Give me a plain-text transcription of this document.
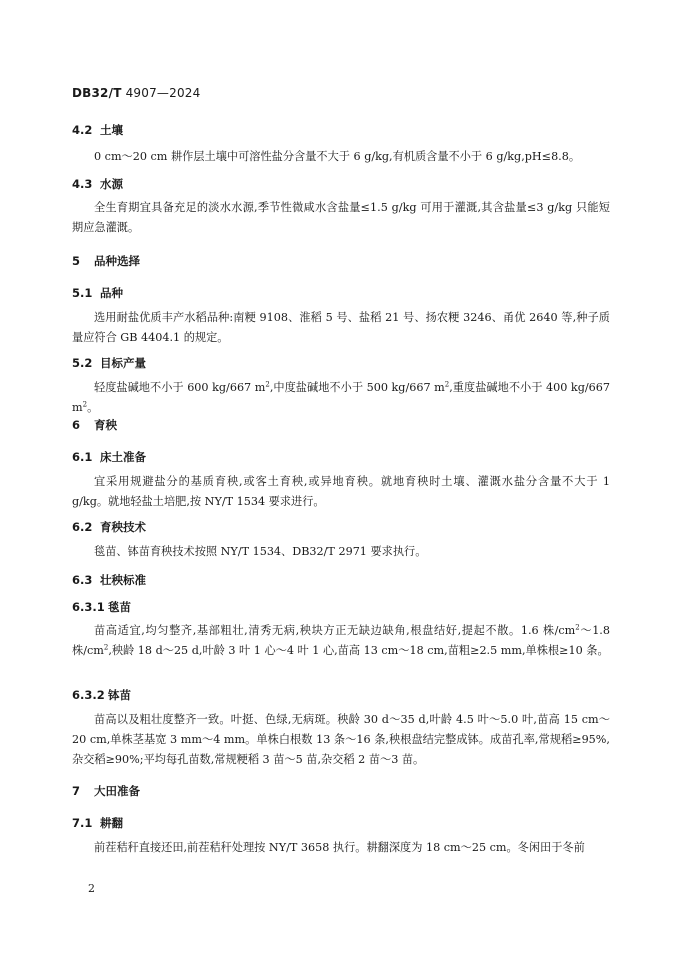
DB32/T 4907—2024
4.2 土壤
0 cm～20 cm 耕作层土壤中可溶性盐分含量不大于 6 g/kg,有机质含量不小于 6 g/kg,pH≤8.8。
4.3 水源
全生育期宜具备充足的淡水水源,季节性微咸水含盐量≤1.5 g/kg 可用于灌溉,其含盐量≤3 g/kg 只能短期应急灌溉。
5 品种选择
5.1 品种
选用耐盐优质丰产水稻品种:南粳 9108、淮稻 5 号、盐稻 21 号、扬农粳 3246、甬优 2640 等,种子质量应符合 GB 4404.1 的规定。
5.2 目标产量
轻度盐碱地不小于 600 kg/667 $m^2$,中度盐碱地不小于 500 kg/667 $m^2$,重度盐碱地不小于 400 kg/667 $m^2$。
6 育秧
6.1 床土准备
宜采用规避盐分的基质育秧,或客土育秧,或异地育秧。就地育秧时土壤、灌溉水盐分含量不大于 1 g/kg。就地轻盐土培肥,按 NY/T 1534 要求进行。
6.2 育秧技术
毯苗、钵苗育秧技术按照 NY/T 1534、DB32/T 2971 要求执行。
6.3 壮秧标准
6.3.1 毯苗
苗高适宜,均匀整齐,基部粗壮,清秀无病,秧块方正无缺边缺角,根盘结好,提起不散。1.6 株$/cm^2\sim 1.8$ 株$/cm^2$,秧龄 18 d～25 d,叶龄 3 叶 1 心～4 叶 1 心,苗高 13 cm～18 cm,苗粗≥2.5 mm,单株根≥10 条。
6.3.2 钵苗
苗高以及粗壮度整齐一致。叶挺、色绿,无病斑。秧龄 30 d～35 d,叶龄 4.5 叶～5.0 叶,苗高 15 cm～20 cm,单株茎基宽 3 mm～4 mm。单株白根数 13 条～16 条,秧根盘结完整成钵。成苗孔率,常规稻≥95%,杂交稻≥90%;平均每孔苗数,常规粳稻 3 苗～5 苗,杂交稻 2 苗～3 苗。
7 大田准备
7.1 耕翻
前茬秸秆直接还田,前茬秸秆处理按 NY/T 3658 执行。耕翻深度为 18 cm～25 cm。冬闲田于冬前
2
